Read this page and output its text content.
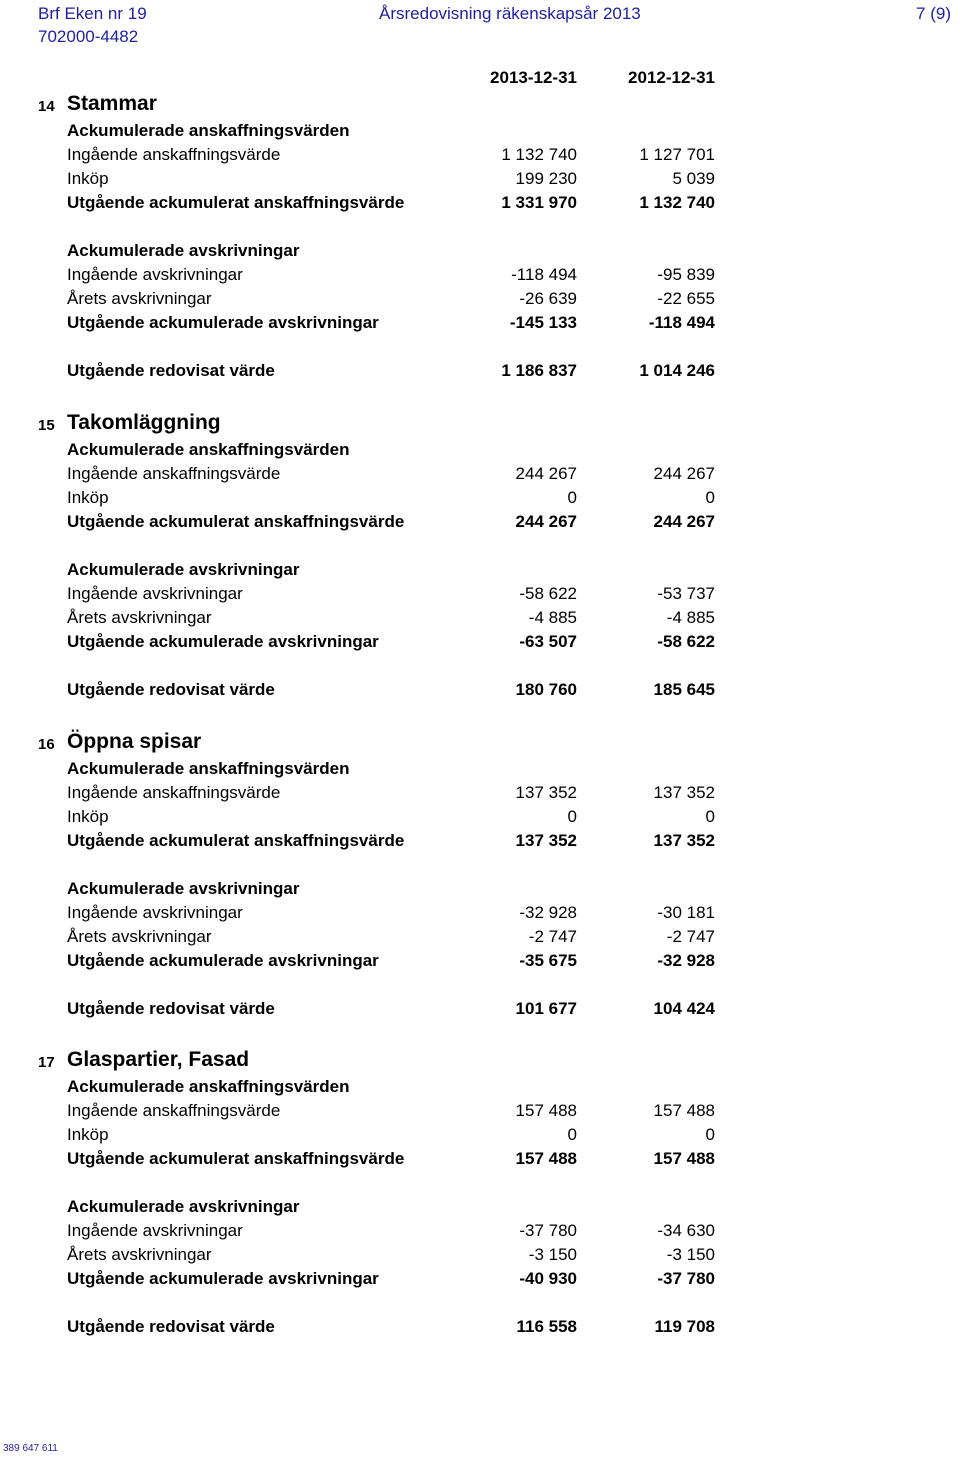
Brf Eken nr 19	Årsredovisning räkenskapsår 2013	7 (9)
702000-4482
2013-12-31	2012-12-31
14 Stammar
Ackumulerade anskaffningsvärden
Ingående anskaffningsvärde	1 132 740	1 127 701
Inköp	199 230	5 039
Utgående ackumulerat anskaffningsvärde	1 331 970	1 132 740
Ackumulerade avskrivningar
Ingående avskrivningar	-118 494	-95 839
Årets avskrivningar	-26 639	-22 655
Utgående ackumulerade avskrivningar	-145 133	-118 494
Utgående redovisat värde	1 186 837	1 014 246
15 Takomläggning
Ackumulerade anskaffningsvärden
Ingående anskaffningsvärde	244 267	244 267
Inköp	0	0
Utgående ackumulerat anskaffningsvärde	244 267	244 267
Ackumulerade avskrivningar
Ingående avskrivningar	-58 622	-53 737
Årets avskrivningar	-4 885	-4 885
Utgående ackumulerade avskrivningar	-63 507	-58 622
Utgående redovisat värde	180 760	185 645
16 Öppna spisar
Ackumulerade anskaffningsvärden
Ingående anskaffningsvärde	137 352	137 352
Inköp	0	0
Utgående ackumulerat anskaffningsvärde	137 352	137 352
Ackumulerade avskrivningar
Ingående avskrivningar	-32 928	-30 181
Årets avskrivningar	-2 747	-2 747
Utgående ackumulerade avskrivningar	-35 675	-32 928
Utgående redovisat värde	101 677	104 424
17 Glaspartier, Fasad
Ackumulerade anskaffningsvärden
Ingående anskaffningsvärde	157 488	157 488
Inköp	0	0
Utgående ackumulerat anskaffningsvärde	157 488	157 488
Ackumulerade avskrivningar
Ingående avskrivningar	-37 780	-34 630
Årets avskrivningar	-3 150	-3 150
Utgående ackumulerade avskrivningar	-40 930	-37 780
Utgående redovisat värde	116 558	119 708
389 647 611
